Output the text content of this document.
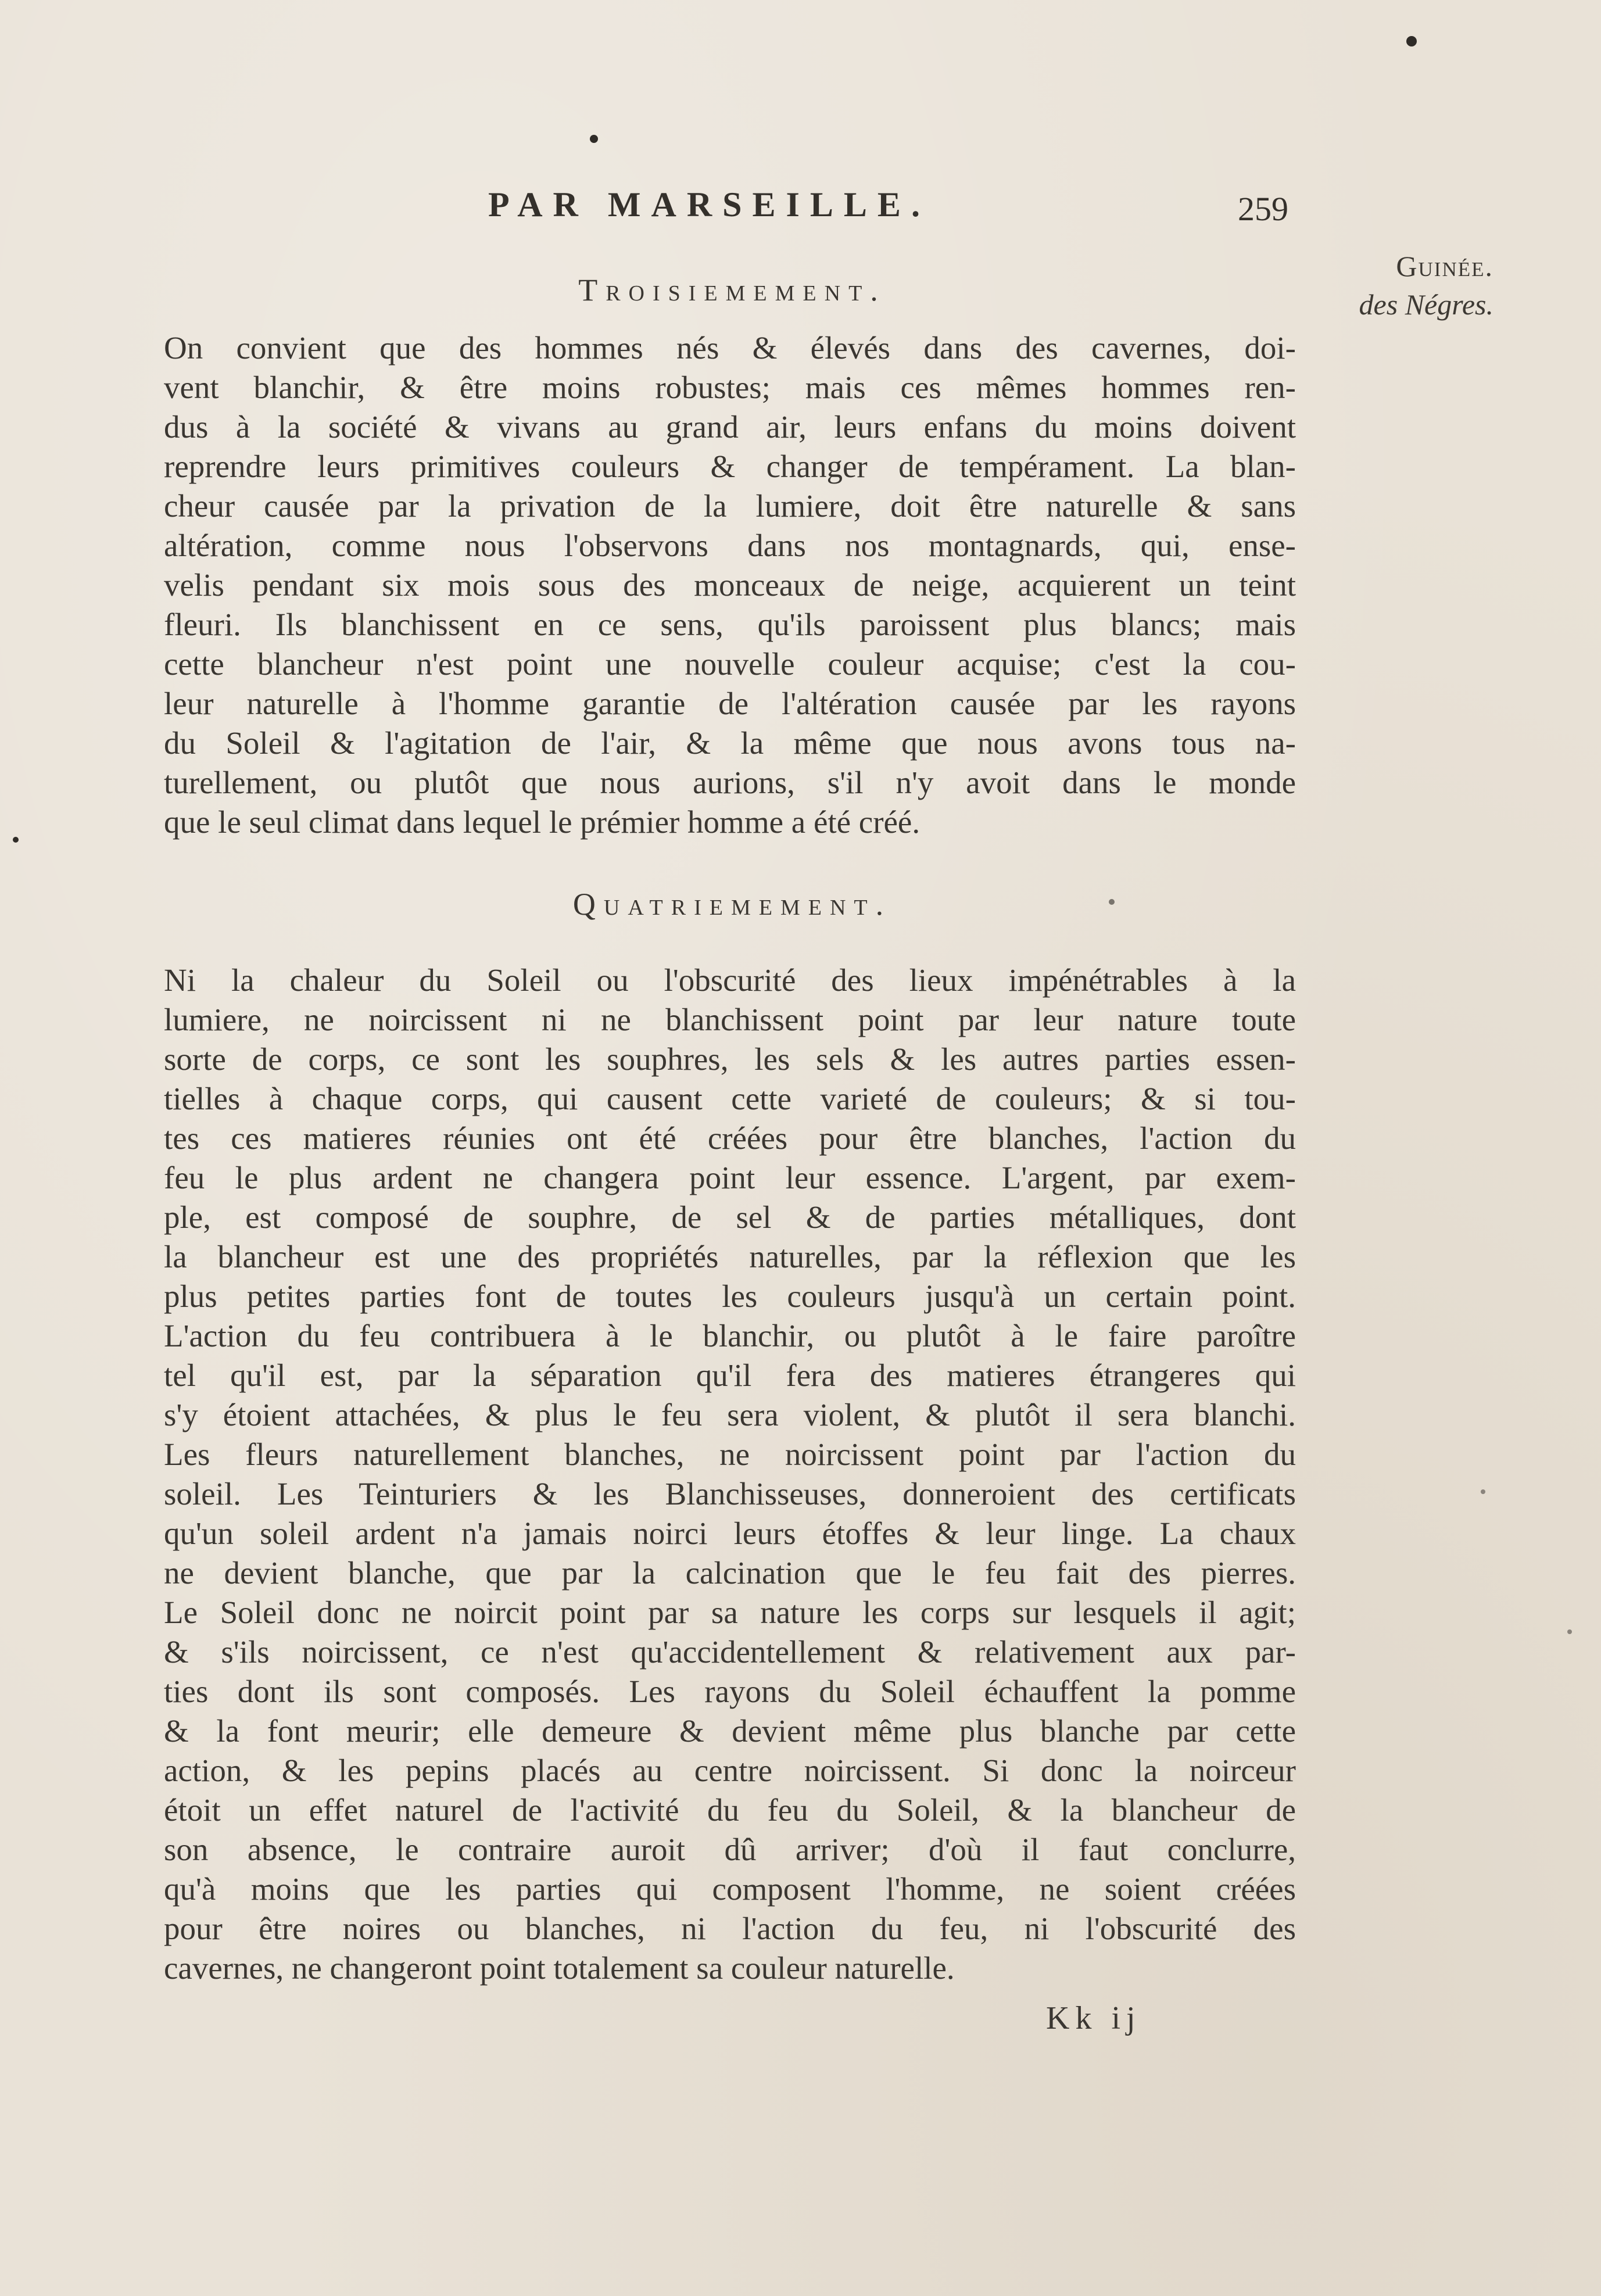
PAR MARSEILLE.	259
Guinée.
des Négres.
Troisiemement.
On convient que des hommes nés & élevés dans des cavernes, doi-
vent blanchir, & être moins robustes; mais ces mêmes hommes ren-
dus à la société & vivans au grand air, leurs enfans du moins doivent
reprendre leurs primitives couleurs & changer de tempérament. La blan-
cheur causée par la privation de la lumiere, doit être naturelle & sans
altération, comme nous l'observons dans nos montagnards, qui, ense-
velis pendant six mois sous des monceaux de neige, acquierent un teint
fleuri. Ils blanchissent en ce sens, qu'ils paroissent plus blancs; mais
cette blancheur n'est point une nouvelle couleur acquise; c'est la cou-
leur naturelle à l'homme garantie de l'altération causée par les rayons
du Soleil & l'agitation de l'air, & la même que nous avons tous na-
turellement, ou plutôt que nous aurions, s'il n'y avoit dans le monde
que le seul climat dans lequel le prémier homme a été créé.
Quatriemement.
Ni la chaleur du Soleil ou l'obscurité des lieux impénétrables à la
lumiere, ne noircissent ni ne blanchissent point par leur nature toute
sorte de corps, ce sont les souphres, les sels & les autres parties essen-
tielles à chaque corps, qui causent cette varieté de couleurs; & si tou-
tes ces matieres réunies ont été créées pour être blanches, l'action du
feu le plus ardent ne changera point leur essence. L'argent, par exem-
ple, est composé de souphre, de sel & de parties métalliques, dont
la blancheur est une des propriétés naturelles, par la réflexion que les
plus petites parties font de toutes les couleurs jusqu'à un certain point.
L'action du feu contribuera à le blanchir, ou plutôt à le faire paroître
tel qu'il est, par la séparation qu'il fera des matieres étrangeres qui
s'y étoient attachées, & plus le feu sera violent, & plutôt il sera blanchi.
Les fleurs naturellement blanches, ne noircissent point par l'action du
soleil. Les Teinturiers & les Blanchisseuses, donneroient des certificats
qu'un soleil ardent n'a jamais noirci leurs étoffes & leur linge. La chaux
ne devient blanche, que par la calcination que le feu fait des pierres.
Le Soleil donc ne noircit point par sa nature les corps sur lesquels il agit;
& s'ils noircissent, ce n'est qu'accidentellement & relativement aux par-
ties dont ils sont composés. Les rayons du Soleil échauffent la pomme
& la font meurir; elle demeure & devient même plus blanche par cette
action, & les pepins placés au centre noircissent. Si donc la noirceur
étoit un effet naturel de l'activité du feu du Soleil, & la blancheur de
son absence, le contraire auroit dû arriver; d'où il faut conclurre,
qu'à moins que les parties qui composent l'homme, ne soient créées
pour être noires ou blanches, ni l'action du feu, ni l'obscurité des
cavernes, ne changeront point totalement sa couleur naturelle.
Kk ij
